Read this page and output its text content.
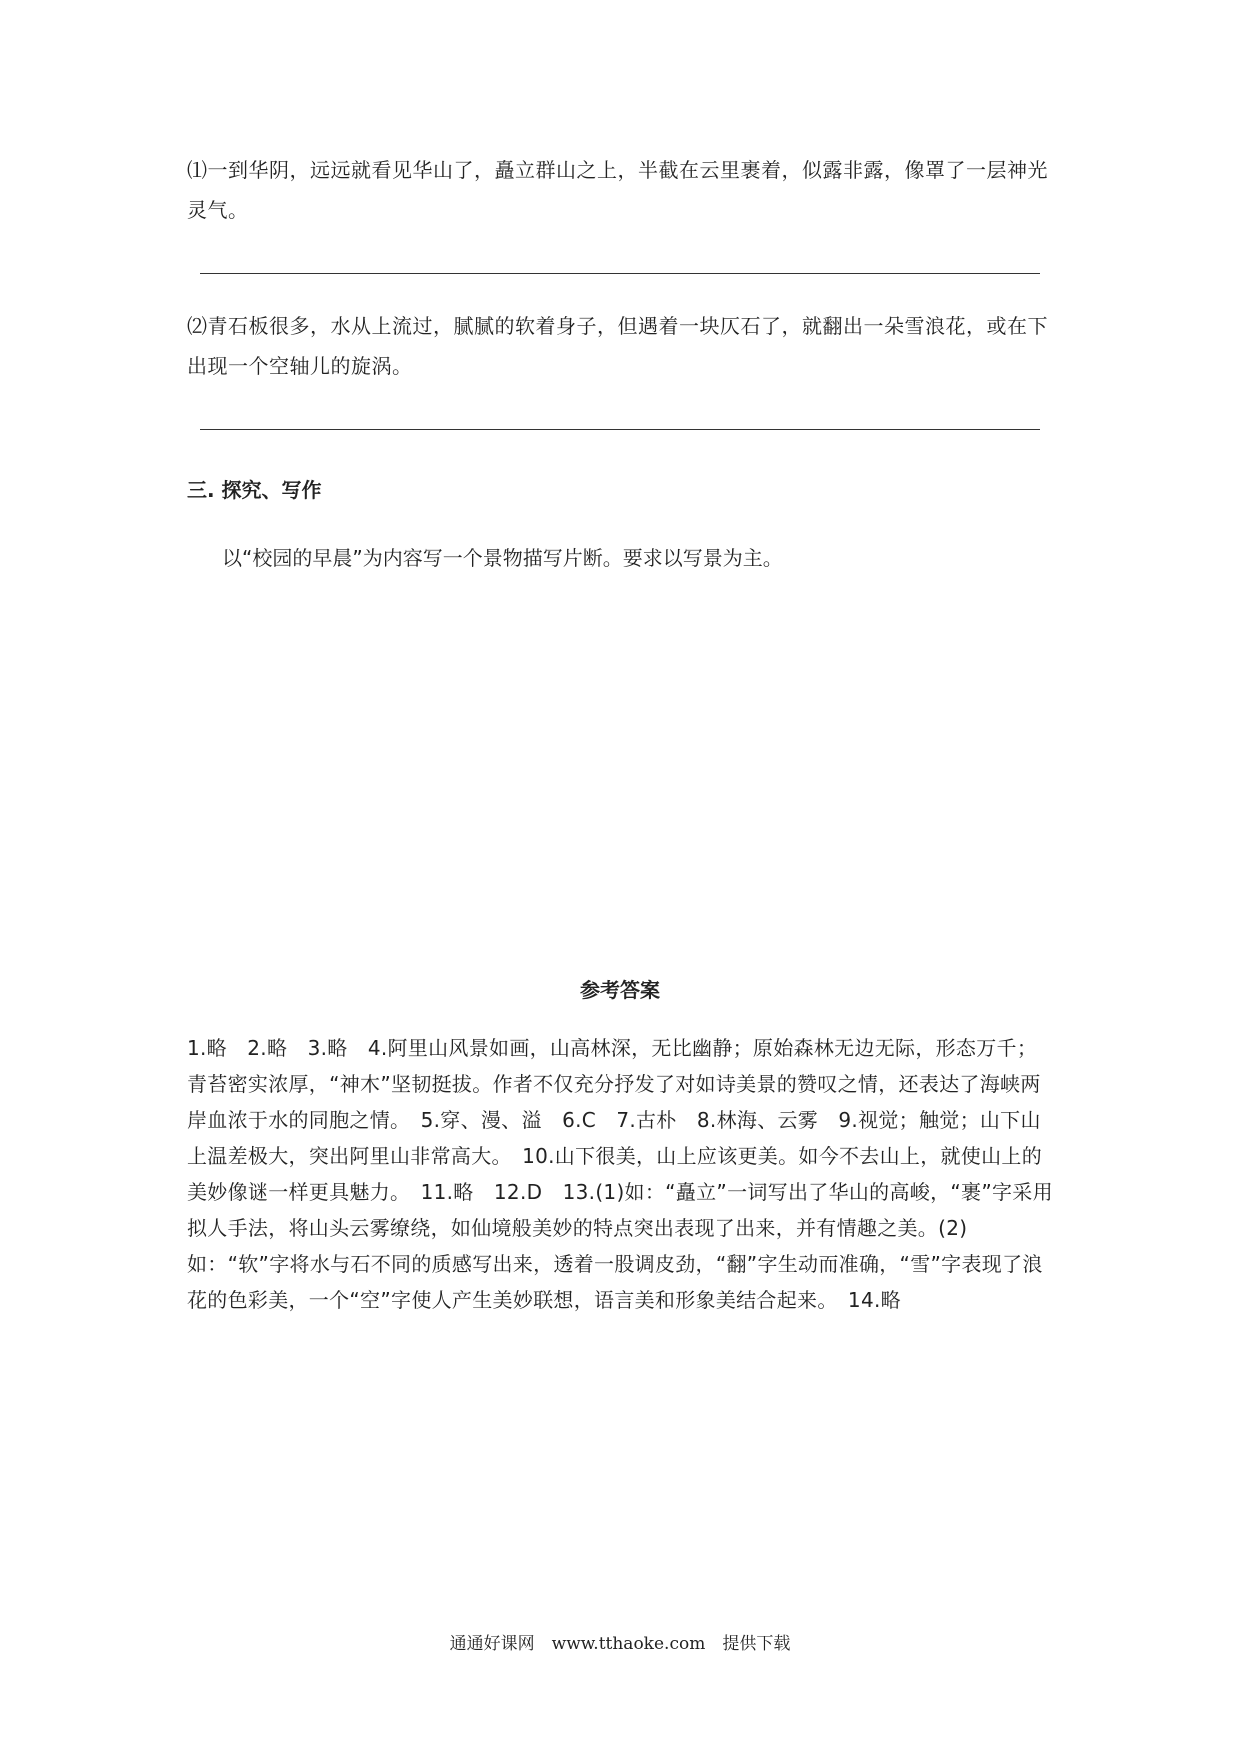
⑴一到华阴，远远就看见华山了，矗立群山之上，半截在云里裹着，似露非露，像罩了一层神光灵气。

⑵青石板很多，水从上流过，腻腻的软着身子，但遇着一块仄石了，就翻出一朵雪浪花，或在下出现一个空轴儿的旋涡。

三. 探究、写作

以“校园的早晨”为内容写一个景物描写片断。要求以写景为主。

参考答案

1.略　2.略　3.略　4.阿里山风景如画，山高林深，无比幽静；原始森林无边无际，形态万千；青苔密实浓厚，“神木”坚韧挺拔。作者不仅充分抒发了对如诗美景的赞叹之情，还表达了海峡两岸血浓于水的同胞之情。　5.穿、漫、溢　6.C　7.古朴　8.林海、云雾　9.视觉；触觉；山下山上温差极大，突出阿里山非常高大。　10.山下很美，山上应该更美。如今不去山上，就使山上的美妙像谜一样更具魅力。　11.略　12.D　13.(1)如：“矗立”一词写出了华山的高峻，“裹”字采用拟人手法，将山头云雾缭绕，如仙境般美妙的特点突出表现了出来，并有情趣之美。(2)如：“软”字将水与石不同的质感写出来，透着一股调皮劲，“翻”字生动而准确，“雪”字表现了浪花的色彩美，一个“空”字使人产生美妙联想，语言美和形象美结合起来。　14.略

通通好课网　www.tthaoke.com　提供下载
